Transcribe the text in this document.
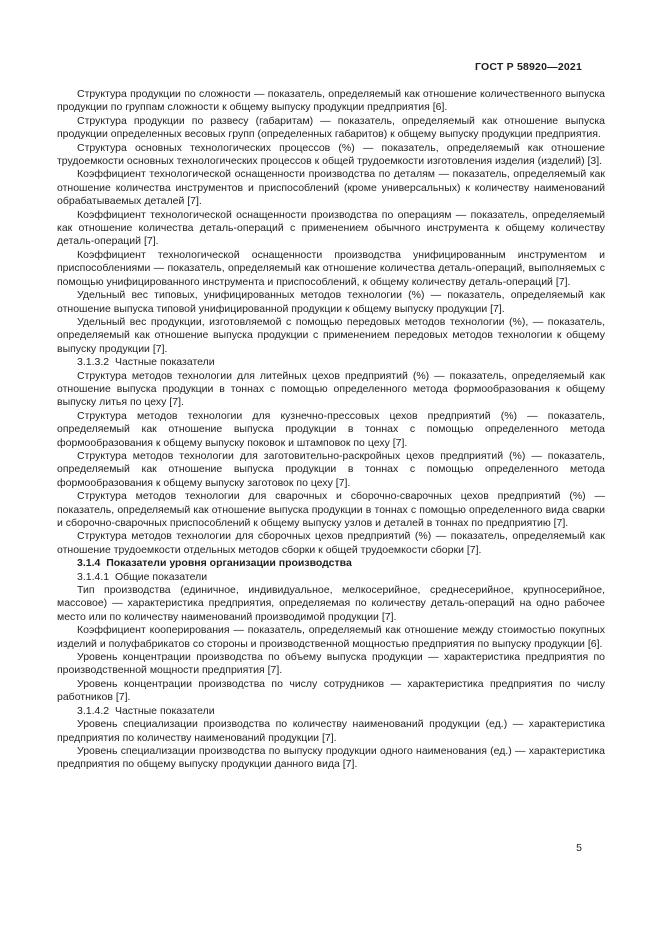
ГОСТ Р 58920—2021

Структура продукции по сложности — показатель, определяемый как отношение количественного выпуска продукции по группам сложности к общему выпуску продукции предприятия [6].

Структура продукции по развесу (габаритам) — показатель, определяемый как отношение выпуска продукции определенных весовых групп (определенных габаритов) к общему выпуску продукции предприятия.

Структура основных технологических процессов (%) — показатель, определяемый как отношение трудоемкости основных технологических процессов к общей трудоемкости изготовления изделия (изделий) [3].

Коэффициент технологической оснащенности производства по деталям — показатель, определяемый как отношение количества инструментов и приспособлений (кроме универсальных) к количеству наименований обрабатываемых деталей [7].

Коэффициент технологической оснащенности производства по операциям — показатель, определяемый как отношение количества деталь-операций с применением обычного инструмента к общему количеству деталь-операций [7].

Коэффициент технологической оснащенности производства унифицированным инструментом и приспособлениями — показатель, определяемый как отношение количества деталь-операций, выполняемых с помощью унифицированного инструмента и приспособлений, к общему количеству деталь-операций [7].

Удельный вес типовых, унифицированных методов технологии (%) — показатель, определяемый как отношение выпуска типовой унифицированной продукции к общему выпуску продукции [7].

Удельный вес продукции, изготовляемой с помощью передовых методов технологии (%), — показатель, определяемый как отношение выпуска продукции с применением передовых методов технологии к общему выпуску продукции [7].

3.1.3.2  Частные показатели

Структура методов технологии для литейных цехов предприятий (%) — показатель, определяемый как отношение выпуска продукции в тоннах с помощью определенного метода формообразования к общему выпуску литья по цеху [7].

Структура методов технологии для кузнечно-прессовых цехов предприятий (%) — показатель, определяемый как отношение выпуска продукции в тоннах с помощью определенного метода формообразования к общему выпуску поковок и штамповок по цеху [7].

Структура методов технологии для заготовительно-раскройных цехов предприятий (%) — показатель, определяемый как отношение выпуска продукции в тоннах с помощью определенного метода формообразования к общему выпуску заготовок по цеху [7].

Структура методов технологии для сварочных и сборочно-сварочных цехов предприятий (%) — показатель, определяемый как отношение выпуска продукции в тоннах с помощью определенного вида сварки и сборочно-сварочных приспособлений к общему выпуску узлов и деталей в тоннах по предприятию [7].

Структура методов технологии для сборочных цехов предприятий (%) — показатель, определяемый как отношение трудоемкости отдельных методов сборки к общей трудоемкости сборки [7].

3.1.4  Показатели уровня организации производства

3.1.4.1  Общие показатели

Тип производства (единичное, индивидуальное, мелкосерийное, среднесерийное, крупносерийное, массовое) — характеристика предприятия, определяемая по количеству деталь-операций на одно рабочее место или по количеству наименований производимой продукции [7].

Коэффициент кооперирования — показатель, определяемый как отношение между стоимостью покупных изделий и полуфабрикатов со стороны и производственной мощностью предприятия по выпуску продукции [6].

Уровень концентрации производства по объему выпуска продукции — характеристика предприятия по производственной мощности предприятия [7].

Уровень концентрации производства по числу сотрудников — характеристика предприятия по числу работников [7].

3.1.4.2  Частные показатели

Уровень специализации производства по количеству наименований продукции (ед.) — характеристика предприятия по количеству наименований продукции [7].

Уровень специализации производства по выпуску продукции одного наименования (ед.) — характеристика предприятия по общему выпуску продукции данного вида [7].

5
